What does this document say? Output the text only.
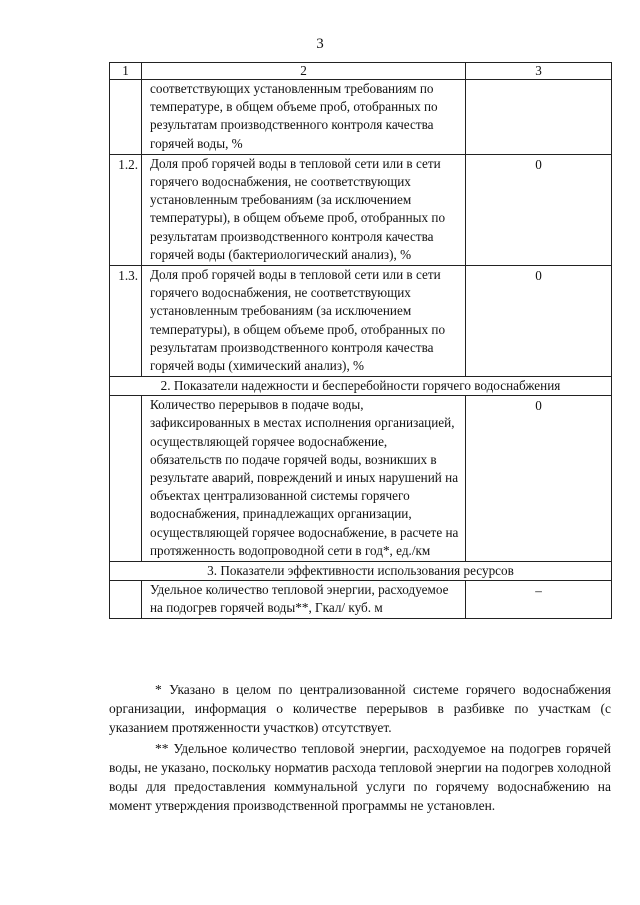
3
1	2	3
	соответствующих установленным требованиям по температуре, в общем объеме проб, отобранных по результатам производственного контроля качества горячей воды, %	
1.2.	Доля проб горячей воды в тепловой сети или в сети горячего водоснабжения, не соответствующих установленным требованиям (за исключением температуры), в общем объеме проб, отобранных по результатам производственного контроля качества горячей воды (бактериологический анализ), %	0
1.3.	Доля проб горячей воды в тепловой сети или в сети горячего водоснабжения, не соответствующих установленным требованиям (за исключением температуры), в общем объеме проб, отобранных по результатам производственного контроля качества горячей воды (химический анализ), %	0
2. Показатели надежности и бесперебойности горячего водоснабжения		
	Количество перерывов в подаче воды, зафиксированных в местах исполнения организацией, осуществляющей горячее водоснабжение, обязательств по подаче горячей воды, возникших в результате аварий, повреждений и иных нарушений на объектах централизованной системы горячего водоснабжения, принадлежащих организации, осуществляющей горячее водоснабжение, в расчете на протяженность водопроводной сети в год*, ед./км	0
3. Показатели эффективности использования ресурсов		
	Удельное количество тепловой энергии, расходуемое на подогрев горячей воды**, Гкал/ куб. м	–

* Указано в целом по централизованной системе горячего водоснабжения организации, информация о количестве перерывов в разбивке по участкам (с указанием протяженности участков) отсутствует.

** Удельное количество тепловой энергии, расходуемое на подогрев горячей воды, не указано, поскольку норматив расхода тепловой энергии на подогрев холодной воды для предоставления коммунальной услуги по горячему водоснабжению на момент утверждения производственной программы не установлен.
